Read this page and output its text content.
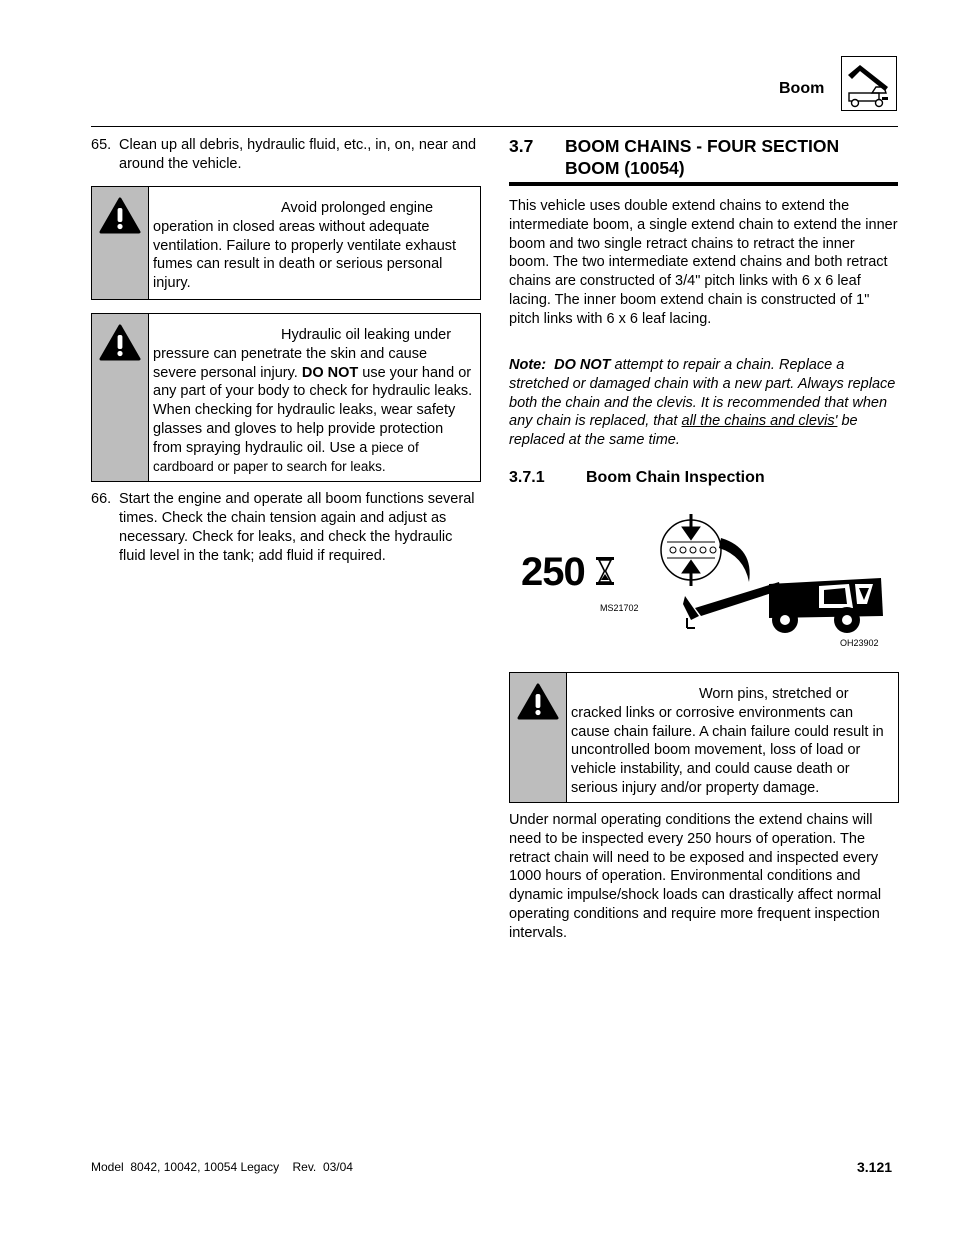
Boom
65. Clean up all debris, hydraulic fluid, etc., in, on, near and around the vehicle.

Avoid prolonged engine operation in closed areas without adequate ventilation. Failure to properly ventilate exhaust fumes can result in death or serious personal injury.

Hydraulic oil leaking under pressure can penetrate the skin and cause severe personal injury. DO NOT use your hand or any part of your body to check for hydraulic leaks. When checking for hydraulic leaks, wear safety glasses and gloves to help provide protection from spraying hydraulic oil. Use a piece of cardboard or paper to search for leaks.

66. Start the engine and operate all boom functions several times. Check the chain tension again and adjust as necessary. Check for leaks, and check the hydraulic fluid level in the tank; add fluid if required.
3.7 BOOM CHAINS - FOUR SECTION BOOM (10054)

This vehicle uses double extend chains to extend the intermediate boom, a single extend chain to extend the inner boom and two single retract chains to retract the inner boom. The two intermediate extend chains and both retract chains are constructed of 3/4" pitch links with 6 x 6 leaf lacing. The inner boom extend chain is constructed of 1" pitch links with 6 x 6 leaf lacing.

Note: DO NOT attempt to repair a chain. Replace a stretched or damaged chain with a new part. Always replace both the chain and the clevis. It is recommended that when any chain is replaced, that all the chains and clevis' be replaced at the same time.

3.7.1	Boom Chain Inspection
250
MS21702
OH23902

Worn pins, stretched or cracked links or corrosive environments can cause chain failure. A chain failure could result in uncontrolled boom movement, loss of load or vehicle instability, and could cause death or serious injury and/or property damage.

Under normal operating conditions the extend chains will need to be inspected every 250 hours of operation. The retract chain will need to be exposed and inspected every 1000 hours of operation. Environmental conditions and dynamic impulse/shock loads can drastically affect normal operating conditions and require more frequent inspection intervals.

Model  8042, 10042, 10054 Legacy    Rev.  03/04	3.121
